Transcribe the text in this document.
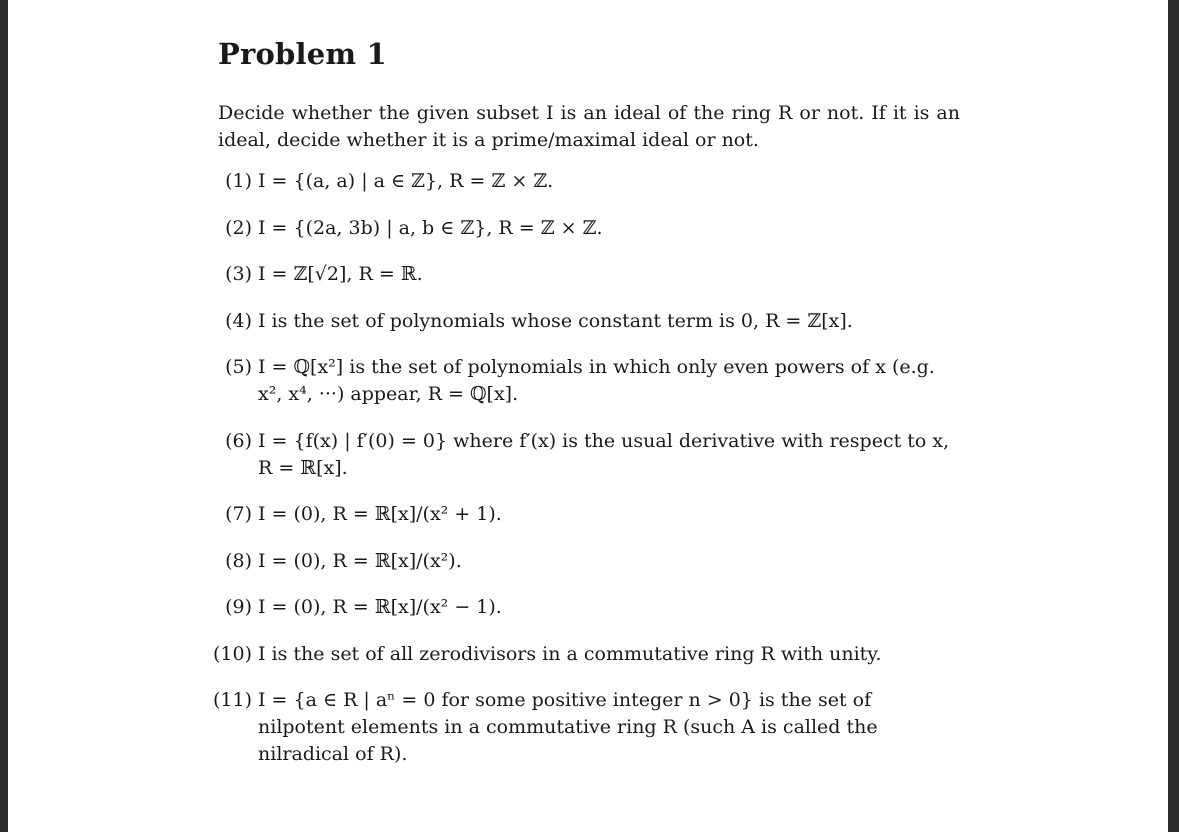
Problem 1

Decide whether the given subset I is an ideal of the ring R or not. If it is an ideal, decide whether it is a prime/maximal ideal or not.

(1) I = {(a, a) | a ∈ ℤ}, R = ℤ × ℤ.
(2) I = {(2a, 3b) | a, b ∈ ℤ}, R = ℤ × ℤ.
(3) I = ℤ[√2], R = ℝ.
(4) I is the set of polynomials whose constant term is 0, R = ℤ[x].
(5) I = ℚ[x²] is the set of polynomials in which only even powers of x (e.g. x², x⁴, ···) appear, R = ℚ[x].
(6) I = {f(x) | f′(0) = 0} where f′(x) is the usual derivative with respect to x, R = ℝ[x].
(7) I = (0), R = ℝ[x]/(x² + 1).
(8) I = (0), R = ℝ[x]/(x²).
(9) I = (0), R = ℝ[x]/(x² − 1).
(10) I is the set of all zerodivisors in a commutative ring R with unity.
(11) I = {a ∈ R | aⁿ = 0 for some positive integer n > 0} is the set of nilpotent elements in a commutative ring R (such A is called the nilradical of R).
